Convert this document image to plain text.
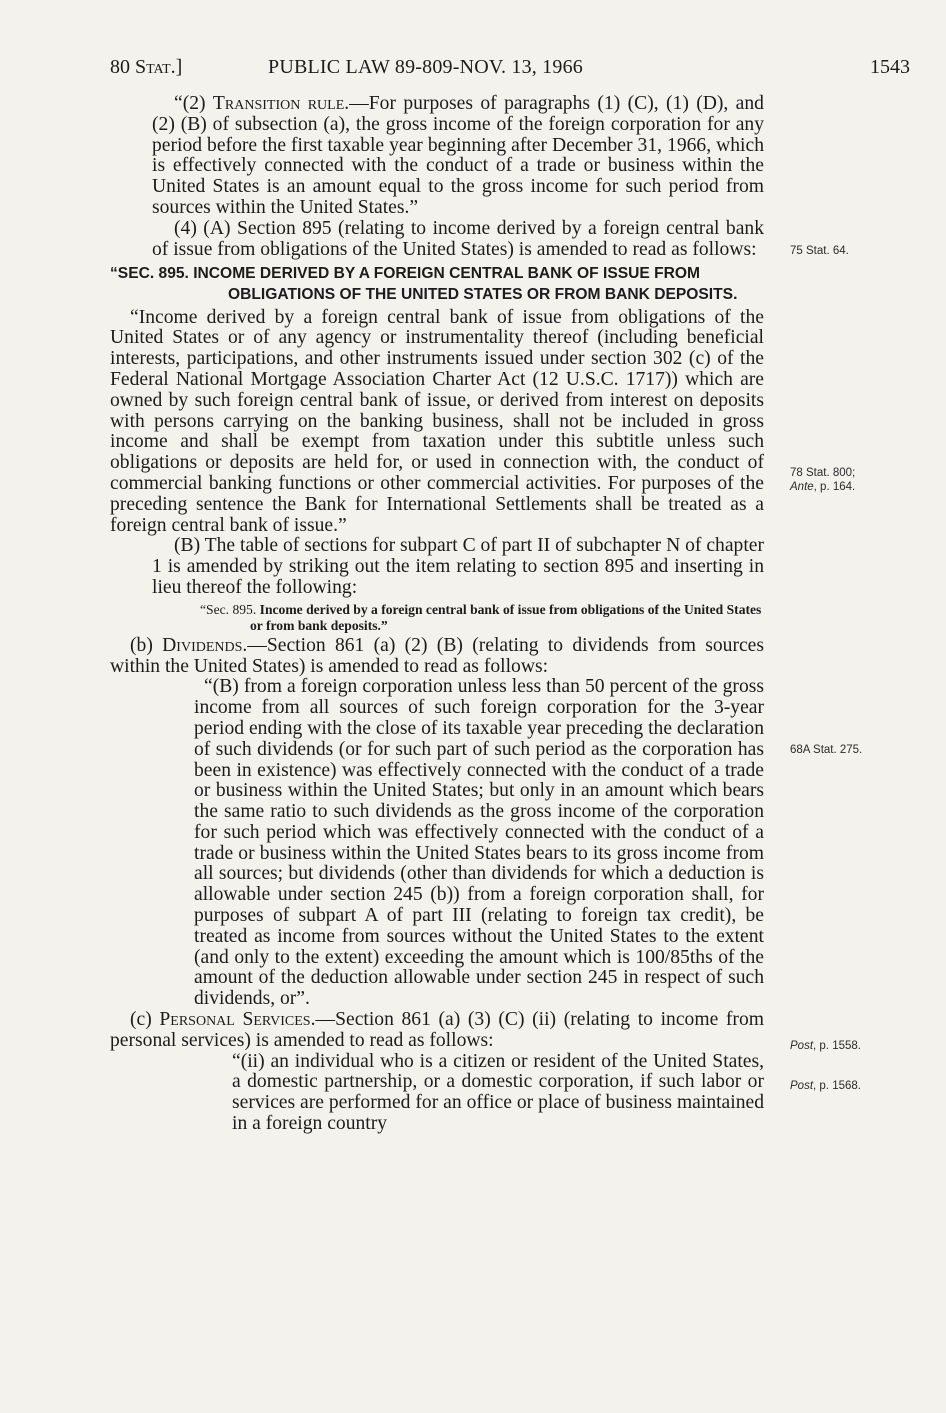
80 Stat.]	PUBLIC LAW 89-809-NOV. 13, 1966	1543

“(2) Transition rule.—For purposes of paragraphs (1) (C), (1) (D), and (2) (B) of subsection (a), the gross income of the foreign corporation for any period before the first taxable year beginning after December 31, 1966, which is effectively connected with the conduct of a trade or business within the United States is an amount equal to the gross income for such period from sources within the United States.”

(4) (A) Section 895 (relating to income derived by a foreign central bank of issue from obligations of the United States) is amended to read as follows:

“SEC. 895. INCOME DERIVED BY A FOREIGN CENTRAL BANK OF ISSUE FROM OBLIGATIONS OF THE UNITED STATES OR FROM BANK DEPOSITS.

“Income derived by a foreign central bank of issue from obligations of the United States or of any agency or instrumentality thereof (including beneficial interests, participations, and other instruments issued under section 302 (c) of the Federal National Mortgage Association Charter Act (12 U.S.C. 1717)) which are owned by such foreign central bank of issue, or derived from interest on deposits with persons carrying on the banking business, shall not be included in gross income and shall be exempt from taxation under this subtitle unless such obligations or deposits are held for, or used in connection with, the conduct of commercial banking functions or other commercial activities. For purposes of the preceding sentence the Bank for International Settlements shall be treated as a foreign central bank of issue.”

(B) The table of sections for subpart C of part II of subchapter N of chapter 1 is amended by striking out the item relating to section 895 and inserting in lieu thereof the following:

“Sec. 895. Income derived by a foreign central bank of issue from obligations of the United States or from bank deposits.”

(b) Dividends.—Section 861 (a) (2) (B) (relating to dividends from sources within the United States) is amended to read as follows:

“(B) from a foreign corporation unless less than 50 percent of the gross income from all sources of such foreign corporation for the 3-year period ending with the close of its taxable year preceding the declaration of such dividends (or for such part of such period as the corporation has been in existence) was effectively connected with the conduct of a trade or business within the United States; but only in an amount which bears the same ratio to such dividends as the gross income of the corporation for such period which was effectively connected with the conduct of a trade or business within the United States bears to its gross income from all sources; but dividends (other than dividends for which a deduction is allowable under section 245 (b)) from a foreign corporation shall, for purposes of subpart A of part III (relating to foreign tax credit), be treated as income from sources without the United States to the extent (and only to the extent) exceeding the amount which is 100/85ths of the amount of the deduction allowable under section 245 in respect of such dividends, or”.

(c) Personal Services.—Section 861 (a) (3) (C) (ii) (relating to income from personal services) is amended to read as follows:

“(ii) an individual who is a citizen or resident of the United States, a domestic partnership, or a domestic corporation, if such labor or services are performed for an office or place of business maintained in a foreign country

75 Stat. 64.
78 Stat. 800;
Ante, p. 164.
68A Stat. 275.
Post, p. 1558.
Post, p. 1568.
